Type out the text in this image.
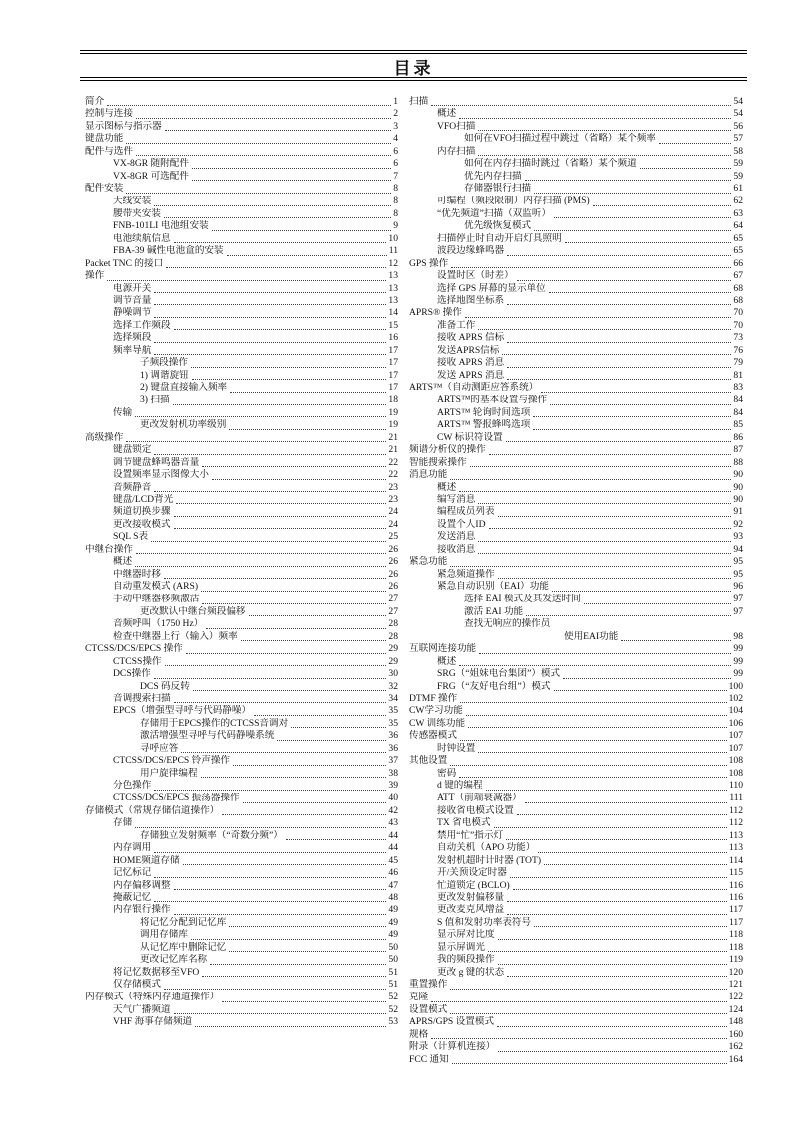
目录
简介	1
控制与连接	2
显示图标与指示器	3
键盘功能	4
配件与选件	6
VX-8GR 随附配件	6
VX-8GR 可选配件	7
配件安装	8
天线安装	8
腰带夹安装	8
FNB-101LI 电池组安装	9
电池续航信息	10
FBA-39 碱性电池盒的安装	11
Packet TNC 的接口	12
操作	13
电源开关	13
调节音量	13
静噪调节	14
选择工作频段	15
选择频段	16
频率导航	17
子频段操作	17
1) 调谐旋钮	17
2) 键盘直接输入频率	17
3) 扫描	18
传输	19
更改发射机功率级别	19
高级操作	21
键盘锁定	21
调节键盘蜂鸣器音量	22
设置频率显示图像大小	22
音频静音	23
键盘/LCD背光	23
频道切换步骤	24
更改接收模式	24
SQL S表	25
中继台操作	26
概述	26
中继器时移	26
自动重发模式 (ARS)	26
手动中继器移频激活	27
更改默认中继台频段偏移	27
音频呼叫（1750 Hz）	28
检查中继器上行（输入）频率	28
CTCSS/DCS/EPCS 操作	29
CTCSS操作	29
DCS操作	30
DCS 码反转	32
音调搜索扫描	34
EPCS（增强型寻呼与代码静噪）	35
存储用于EPCS操作的CTCSS音调对	35
激活增强型寻呼与代码静噪系统	36
寻呼应答	36
CTCSS/DCS/EPCS 铃声操作	37
用户旋律编程	38
分色操作	39
CTCSS/DCS/EPCS 振荡器操作	40
存储模式（常规存储信道操作）	42
存储	43
存储独立发射频率（“奇数分频”）	44
内存调用	44
HOME频道存储	45
记忆标记	46
内存偏移调整	47
掩蔽记忆	48
内存银行操作	49
将记忆分配到记忆库	49
调用存储库	49
从记忆库中删除记忆	50
更改记忆库名称	50
将记忆数据移至VFO	51
仅存储模式	51
内存模式（特殊内存通道操作）	52
天气广播频道	52
VHF 海事存储频道	53
扫描	54
概述	54
VFO扫描	56
如何在VFO扫描过程中跳过（省略）某个频率	57
内存扫描	58
如何在内存扫描时跳过（省略）某个频道	59
优先内存扫描	59
存储器银行扫描	61
可编程（频段限制）内存扫描 (PMS)	62
“优先频道”扫描（双监听）	63
优先级恢复模式	64
扫描停止时自动开启灯具照明	65
波段边缘蜂鸣器	65
GPS 操作	66
设置时区（时差）	67
选择 GPS 屏幕的显示单位	68
选择地图坐标系	68
APRS® 操作	70
准备工作	70
接收 APRS 信标	73
发送APRS信标	76
接收 APRS 消息	79
发送 APRS 消息	81
ARTS™（自动测距应答系统）	83
ARTS™的基本设置与操作	84
ARTS™ 轮询时间选项	84
ARTS™ 警报蜂鸣选项	85
CW 标识符设置	86
频谱分析仪的操作	87
智能搜索操作	88
消息功能	90
概述	90
编写消息	90
编程成员列表	91
设置个人ID	92
发送消息	93
接收消息	94
紧急功能	95
紧急频道操作	95
紧急自动识别（EAI）功能	96
选择 EAI 模式及其发送时间	97
激活 EAI 功能	97
查找无响应的操作员
使用EAI功能	98
互联网连接功能	99
概述	99
SRG（“姐妹电台集团”）模式	99
FRG（“友好电台组”）模式	100
DTMF 操作	102
CW学习功能	104
CW 训练功能	106
传感器模式	107
时钟设置	107
其他设置	108
密码	108
d 键的编程	110
ATT（前端衰减器）	111
接收省电模式设置	112
TX 省电模式	112
禁用“忙”指示灯	113
自动关机（APO 功能）	113
发射机超时计时器 (TOT)	114
开/关预设定时器	115
忙道锁定 (BCLO)	116
更改发射偏移量	116
更改麦克风增益	117
S 值和发射功率表符号	117
显示屏对比度	118
显示屏调光	118
我的频段操作	119
更改 g 键的状态	120
重置操作	121
克隆	122
设置模式	124
APRS/GPS 设置模式	148
规格	160
附录（计算机连接）	162
FCC 通知	164
